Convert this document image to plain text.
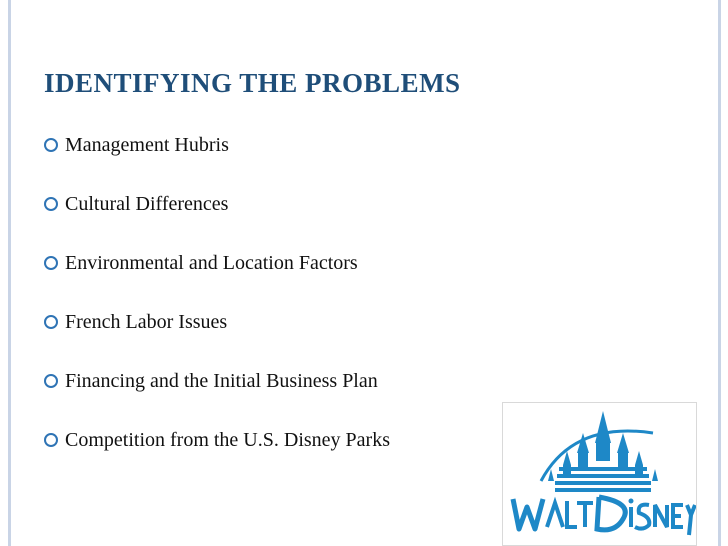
IDENTIFYING THE PROBLEMS
Management Hubris
Cultural Differences
Environmental and Location Factors
French Labor Issues
Financing and the Initial Business Plan
Competition from the U.S. Disney Parks
